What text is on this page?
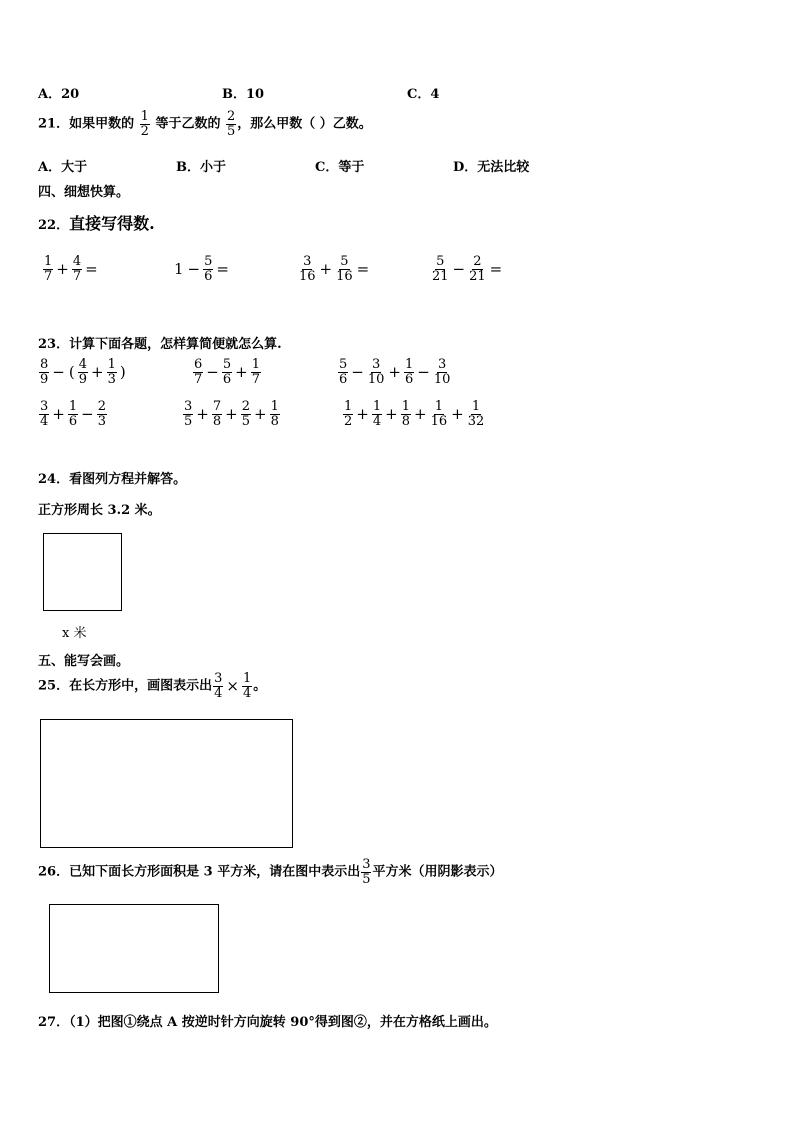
A．20	B．10	C．4
21．如果甲数的 $\frac{1}{2}$ 等于乙数的 $\frac{2}{5}$ ，那么甲数（ ）乙数。
A．大于	B．小于	C．等于	D．无法比较
四、细想快算。
22．直接写得数.
$\frac{1}{7} + \frac{4}{7}$ =	$1 - \frac{5}{6}$ =	$\frac{3}{16} + \frac{5}{16}$ =	$\frac{5}{21} - \frac{2}{21}$ =
23．计算下面各题，怎样算简便就怎么算.
$\frac{8}{9}$ − ( $\frac{4}{9} + \frac{1}{3}$ )	$\frac{6}{7} - \frac{5}{6} + \frac{1}{7}$	$\frac{5}{6} - \frac{3}{10} + \frac{1}{6} - \frac{3}{10}$
$\frac{3}{4} + \frac{1}{6} - \frac{2}{3}$	$\frac{3}{5} + \frac{7}{8} + \frac{2}{5} + \frac{1}{8}$	$\frac{1}{2} + \frac{1}{4} + \frac{1}{8} + \frac{1}{16} + \frac{1}{32}$
24．看图列方程并解答。
正方形周长 3.2 米。
x 米
五、能写会画。
25．在长方形中，画图表示出 $\frac{3}{4} \times \frac{1}{4}$ 。
26．已知下面长方形面积是 3 平方米，请在图中表示出 $\frac{3}{5}$ 平方米（用阴影表示）
27．（1）把图①绕点 A 按逆时针方向旋转 90°得到图②，并在方格纸上画出。
